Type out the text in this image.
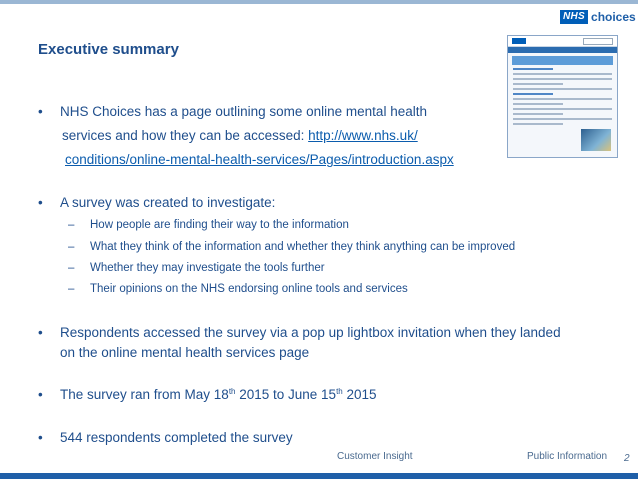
NHS choices
Executive summary
• NHS Choices has a page outlining some online mental health
services and how they can be accessed: http://www.nhs.uk/
conditions/online-mental-health-services/Pages/introduction.aspx
• A survey was created to investigate:
– How people are finding their way to the information
– What they think of the information and whether they think anything can be improved
– Whether they may investigate the tools further
– Their opinions on the NHS endorsing online tools and services
• Respondents accessed the survey via a pop up lightbox invitation when they landed
on the online mental health services page
• The survey ran from May 18th 2015 to June 15th 2015
• 544 respondents completed the survey
Customer Insight	Public Information 2
